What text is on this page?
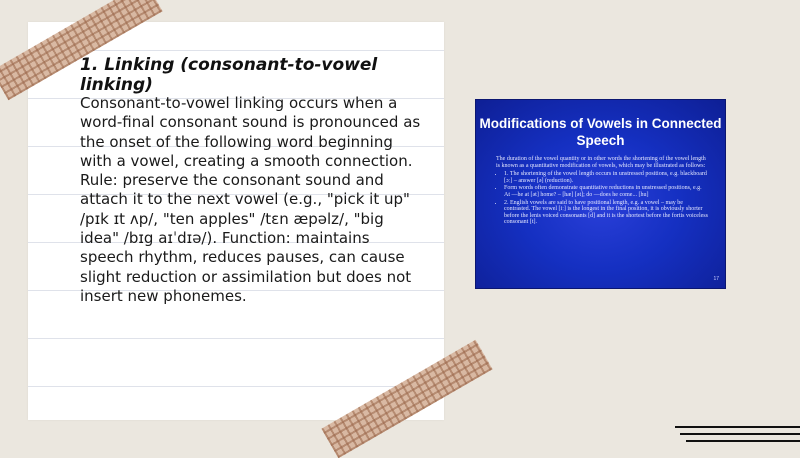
1. Linking (consonant-to-vowel linking)
Consonant-to-vowel linking occurs when a word-final consonant sound is pronounced as the onset of the following word beginning with a vowel, creating a smooth connection. Rule: preserve the consonant sound and attach it to the next vowel (e.g., "pick it up" /pɪk ɪt ʌp/, "ten apples" /tɛn æpəlz/, "big idea" /bɪg aɪˈdɪə/). Function: maintains speech rhythm, reduces pauses, can cause slight reduction or assimilation but does not insert new phonemes.
Modifications of Vowels in Connected Speech
The duration of the vowel quantity or in other words the shortening of the vowel length is known as a quantitative modification of vowels, which may be illustrated as follows:
• 1. The shortening of the vowel length occurs in unstressed positions, e.g. blackboard [ɔː] – answer [ə] (reduction).
• Form words often demonstrate quantitative reductions in unstressed positions, e.g. At —he at [ət] home? – [hæ] [ət]; do —does he come... [hu]
• 2. English vowels are said to have positional length, e.g. a vowel – may be contrasted. The vowel [iː] is the longest in the final position, it is obviously shorter before the lenis voiced consonants [d] and it is the shortest before the fortis voiceless consonant [t].
17
